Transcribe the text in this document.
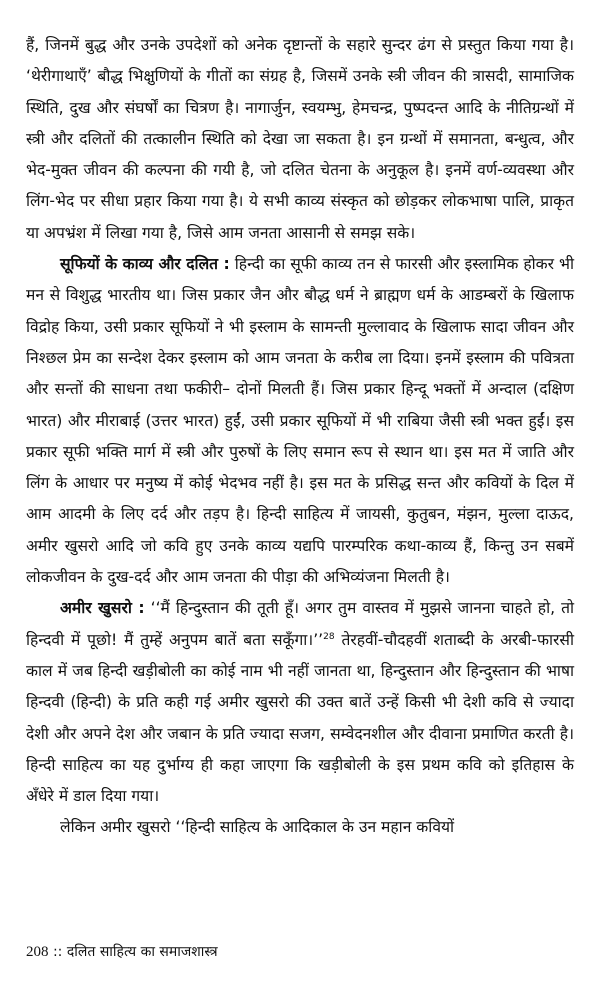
हैं, जिनमें बुद्ध और उनके उपदेशों को अनेक दृष्टान्तों के सहारे सुन्दर ढंग से प्रस्तुत किया गया है। ‘थेरीगाथाएँ’ बौद्ध भिक्षुणियों के गीतों का संग्रह है, जिसमें उनके स्त्री जीवन की त्रासदी, सामाजिक स्थिति, दुख और संघर्षों का चित्रण है। नागार्जुन, स्वयम्भु, हेमचन्द्र, पुष्पदन्त आदि के नीतिग्रन्थों में स्त्री और दलितों की तत्कालीन स्थिति को देखा जा सकता है। इन ग्रन्थों में समानता, बन्धुत्व, और भेद-मुक्त जीवन की कल्पना की गयी है, जो दलित चेतना के अनुकूल है। इनमें वर्ण-व्यवस्था और लिंग-भेद पर सीधा प्रहार किया गया है। ये सभी काव्य संस्कृत को छोड़कर लोकभाषा पालि, प्राकृत या अपभ्रंश में लिखा गया है, जिसे आम जनता आसानी से समझ सके।

सूफियों के काव्य और दलित : हिन्दी का सूफी काव्य तन से फारसी और इस्लामिक होकर भी मन से विशुद्ध भारतीय था। जिस प्रकार जैन और बौद्ध धर्म ने ब्राह्मण धर्म के आडम्बरों के खिलाफ विद्रोह किया, उसी प्रकार सूफियों ने भी इस्लाम के सामन्ती मुल्लावाद के खिलाफ सादा जीवन और निश्छल प्रेम का सन्देश देकर इस्लाम को आम जनता के करीब ला दिया। इनमें इस्लाम की पवित्रता और सन्तों की साधना तथा फकीरी– दोनों मिलती हैं। जिस प्रकार हिन्दू भक्तों में अन्दाल (दक्षिण भारत) और मीराबाई (उत्तर भारत) हुईं, उसी प्रकार सूफियों में भी राबिया जैसी स्त्री भक्त हुईं। इस प्रकार सूफी भक्ति मार्ग में स्त्री और पुरुषों के लिए समान रूप से स्थान था। इस मत में जाति और लिंग के आधार पर मनुष्य में कोई भेदभव नहीं है। इस मत के प्रसिद्ध सन्त और कवियों के दिल में आम आदमी के लिए दर्द और तड़प है। हिन्दी साहित्य में जायसी, कुतुबन, मंझन, मुल्ला दाऊद, अमीर खुसरो आदि जो कवि हुए उनके काव्य यद्यपि पारम्परिक कथा-काव्य हैं, किन्तु उन सबमें लोकजीवन के दुख-दर्द और आम जनता की पीड़ा की अभिव्यंजना मिलती है।

अमीर खुसरो : ‘‘मैं हिन्दुस्तान की तूती हूँ। अगर तुम वास्तव में मुझसे जानना चाहते हो, तो हिन्दवी में पूछो! मैं तुम्हें अनुपम बातें बता सकूँगा।’’$^{28}$ तेरहवीं-चौदहवीं शताब्दी के अरबी-फारसी काल में जब हिन्दी खड़ीबोली का कोई नाम भी नहीं जानता था, हिन्दुस्तान और हिन्दुस्तान की भाषा हिन्दवी (हिन्दी) के प्रति कही गई अमीर खुसरो की उक्त बातें उन्हें किसी भी देशी कवि से ज्यादा देशी और अपने देश और जबान के प्रति ज्यादा सजग, सम्वेदनशील और दीवाना प्रमाणित करती है। हिन्दी साहित्य का यह दुर्भाग्य ही कहा जाएगा कि खड़ीबोली के इस प्रथम कवि को इतिहास के अँधेरे में डाल दिया गया।

लेकिन अमीर खुसरो ‘‘हिन्दी साहित्य के आदिकाल के उन महान कवियों

208 :: दलित साहित्य का समाजशास्त्र
